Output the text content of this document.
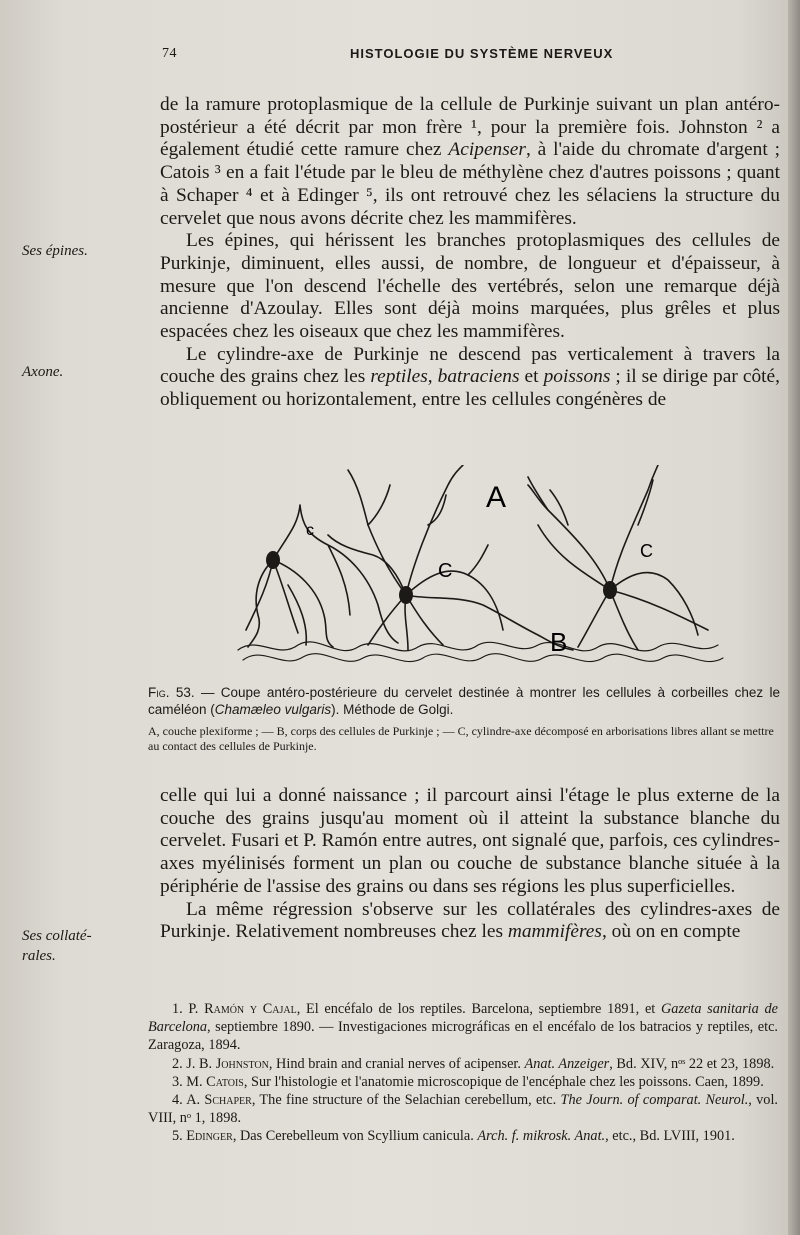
74	HISTOLOGIE DU SYSTÈME NERVEUX
Ses épines.
Axone.
Ses collaté-
rales.

de la ramure protoplasmique de la cellule de Purkinje suivant un plan antéro-postérieur a été décrit par mon frère ¹, pour la première fois. Johnston ² a également étudié cette ramure chez Acipenser, à l'aide du chromate d'argent ; Catois ³ en a fait l'étude par le bleu de méthylène chez d'autres poissons ; quant à Schaper ⁴ et à Edinger ⁵, ils ont retrouvé chez les sélaciens la structure du cervelet que nous avons décrite chez les mammifères.

Les épines, qui hérissent les branches protoplasmiques des cellules de Purkinje, diminuent, elles aussi, de nombre, de longueur et d'épaisseur, à mesure que l'on descend l'échelle des vertébrés, selon une remarque déjà ancienne d'Azoulay. Elles sont déjà moins marquées, plus grêles et plus espacées chez les oiseaux que chez les mammifères.

Le cylindre-axe de Purkinje ne descend pas verticalement à travers la couche des grains chez les reptiles, batraciens et poissons ; il se dirige par côté, obliquement ou horizontalement, entre les cellules congénères de

A
B
c
C
C
Fig. 53. — Coupe antéro-postérieure du cervelet destinée à montrer les cellules à corbeilles chez le caméléon (Chamæleo vulgaris). Méthode de Golgi.
A, couche plexiforme ; — B, corps des cellules de Purkinje ; — C, cylindre-axe décomposé en arborisations libres allant se mettre au contact des cellules de Purkinje.

celle qui lui a donné naissance ; il parcourt ainsi l'étage le plus externe de la couche des grains jusqu'au moment où il atteint la substance blanche du cervelet. Fusari et P. Ramón entre autres, ont signalé que, parfois, ces cylindres-axes myélinisés forment un plan ou couche de substance blanche située à la périphérie de l'assise des grains ou dans ses régions les plus superficielles.

La même régression s'observe sur les collatérales des cylindres-axes de Purkinje. Relativement nombreuses chez les mammifères, où on en compte

1. P. Ramón y Cajal, El encéfalo de los reptiles. Barcelona, septiembre 1891, et Gazeta sanitaria de Barcelona, septiembre 1890. — Investigaciones micrográficas en el encéfalo de los batracios y reptiles, etc. Zaragoza, 1894.

2. J. B. Johnston, Hind brain and cranial nerves of acipenser. Anat. Anzeiger, Bd. XIV, nᵒˢ 22 et 23, 1898.

3. M. Catois, Sur l'histologie et l'anatomie microscopique de l'encéphale chez les poissons. Caen, 1899.

4. A. Schaper, The fine structure of the Selachian cerebellum, etc. The Journ. of comparat. Neurol., vol. VIII, nᵒ 1, 1898.

5. Edinger, Das Cerebelleum von Scyllium canicula. Arch. f. mikrosk. Anat., etc., Bd. LVIII, 1901.
